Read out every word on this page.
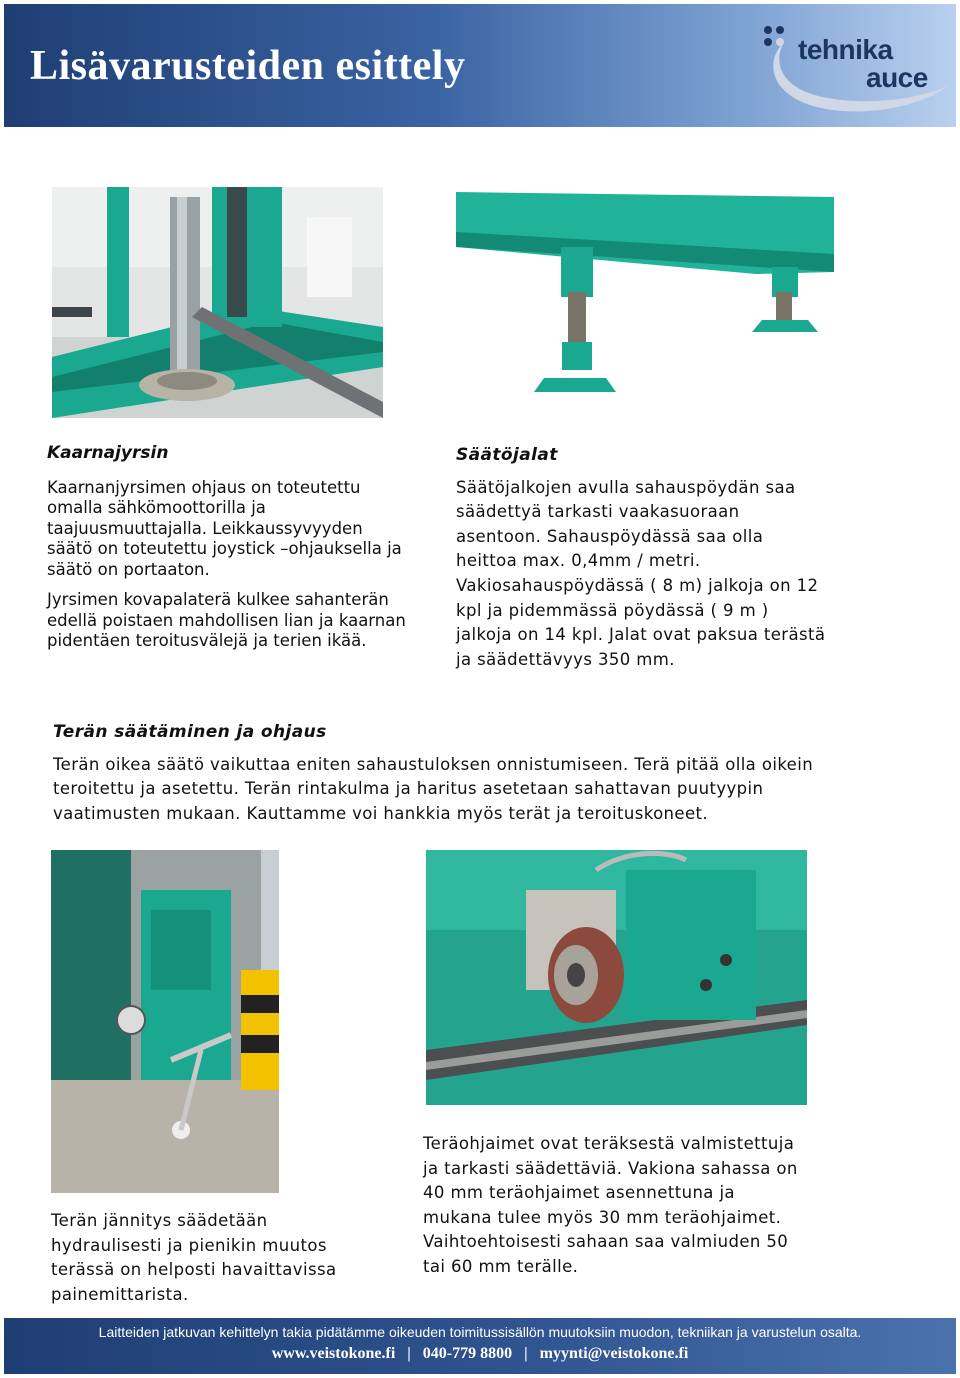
Lisävarusteiden esittely	tehnika
auce
Kaarnajyrsin

Kaarnanjyrsimen ohjaus on toteutettu omalla sähkömoottorilla ja taajuusmuuttajalla. Leikkaussyvyyden säätö on toteutettu joystick –ohjauksella ja säätö on portaaton.

Jyrsimen kovapalaterä kulkee sahanterän edellä poistaen mahdollisen lian ja kaarnan pidentäen teroitusvälejä ja terien ikää.

Säätöjalat

Säätöjalkojen avulla sahauspöydän saa säädettyä tarkasti vaakasuoraan asentoon. Sahauspöydässä saa olla heittoa max. 0,4mm / metri. Vakiosahauspöydässä ( 8 m) jalkoja on 12 kpl ja pidemmässä pöydässä ( 9 m ) jalkoja on 14 kpl. Jalat ovat paksua terästä ja säädettävyys 350 mm.

Terän säätäminen ja ohjaus

Terän oikea säätö vaikuttaa eniten sahaustuloksen onnistumiseen. Terä pitää olla oikein teroitettu ja asetettu. Terän rintakulma ja haritus asetetaan sahattavan puutyypin vaatimusten mukaan. Kauttamme voi hankkia myös terät ja teroituskoneet.

Terän jännitys säädetään hydraulisesti ja pienikin muutos terässä on helposti havaittavissa painemittarista.

Teräohjaimet ovat teräksestä valmistettuja ja tarkasti säädettäviä. Vakiona sahassa on 40 mm teräohjaimet asennettuna ja mukana tulee myös 30 mm teräohjaimet. Vaihtoehtoisesti sahaan saa valmiuden 50 tai 60 mm terälle.

Laitteiden jatkuvan kehittelyn takia pidätämme oikeuden toimitussisällön muutoksiin muodon, tekniikan ja varustelun osalta.
www.veistokone.fi   |   040-779 8800   |   myynti@veistokone.fi
